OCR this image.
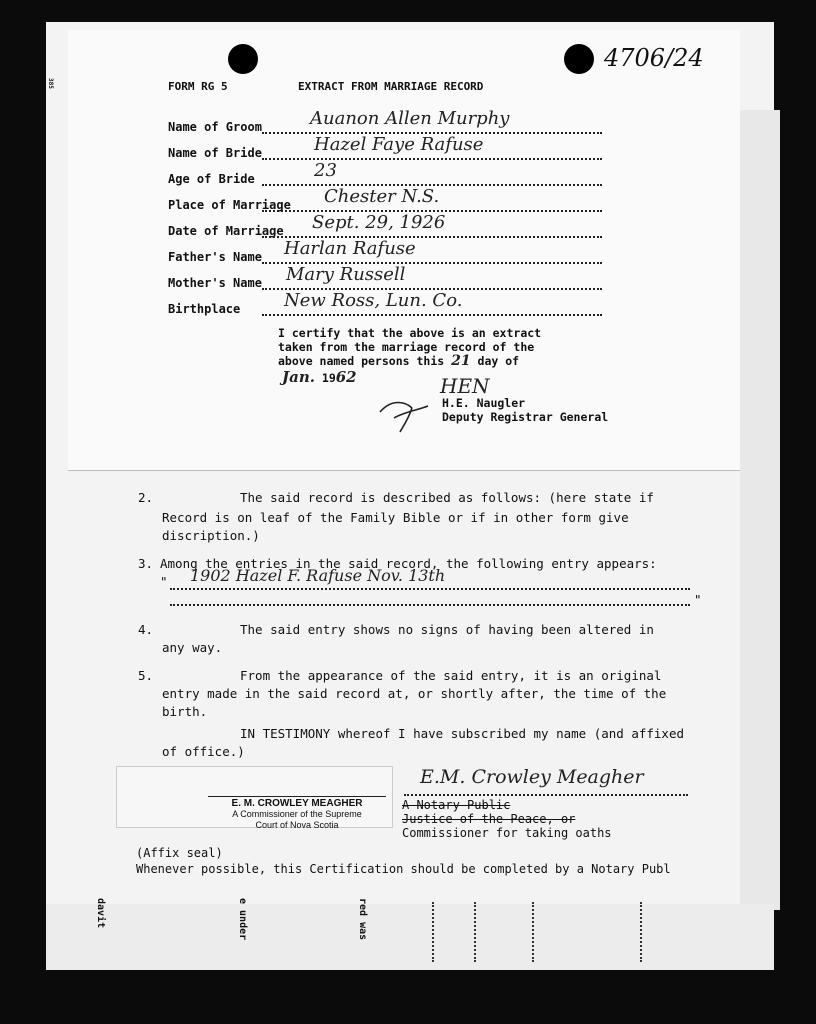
385
4706/24
FORM RG 5	EXTRACT FROM MARRIAGE RECORD
Name of Groom	Auanon Allen Murphy
Name of Bride	Hazel Faye Rafuse
Age of Bride	23
Place of Marriage Chester N.S.
Date of Marriage Sept. 29, 1926
Father's Name Harlan Rafuse
Mother's Name Mary Russell
Birthplace New Ross, Lun. Co.
I certify that the above is an extract
taken from the marriage record of the
above named persons this 21 day of
Jan. 1962	HEN
H.E. Naugler
Deputy Registrar General
2.	The said record is described as follows: (here state if
Record is on leaf of the Family Bible or if in other form give
discription.)
3. Among the entries in the said record, the following entry appears:
" 1902 Hazel F. Rafuse Nov. 13th
"
4.	The said entry shows no signs of having been altered in
any way.
5.	From the appearance of the said entry, it is an original
entry made in the said record at, or shortly after, the time of the
birth.
IN TESTIMONY whereof I have subscribed my name (and affixed
of office.)
E. M. CROWLEY MEAGHER
A Commissioner of the Supreme
Court of Nova Scotia
E.M. Crowley Meagher
A Notary Public
Justice of the Peace, or
Commissioner for taking oaths
(Affix seal)
Whenever possible, this Certification should be completed by a Notary Publ
davit	e under	red was
